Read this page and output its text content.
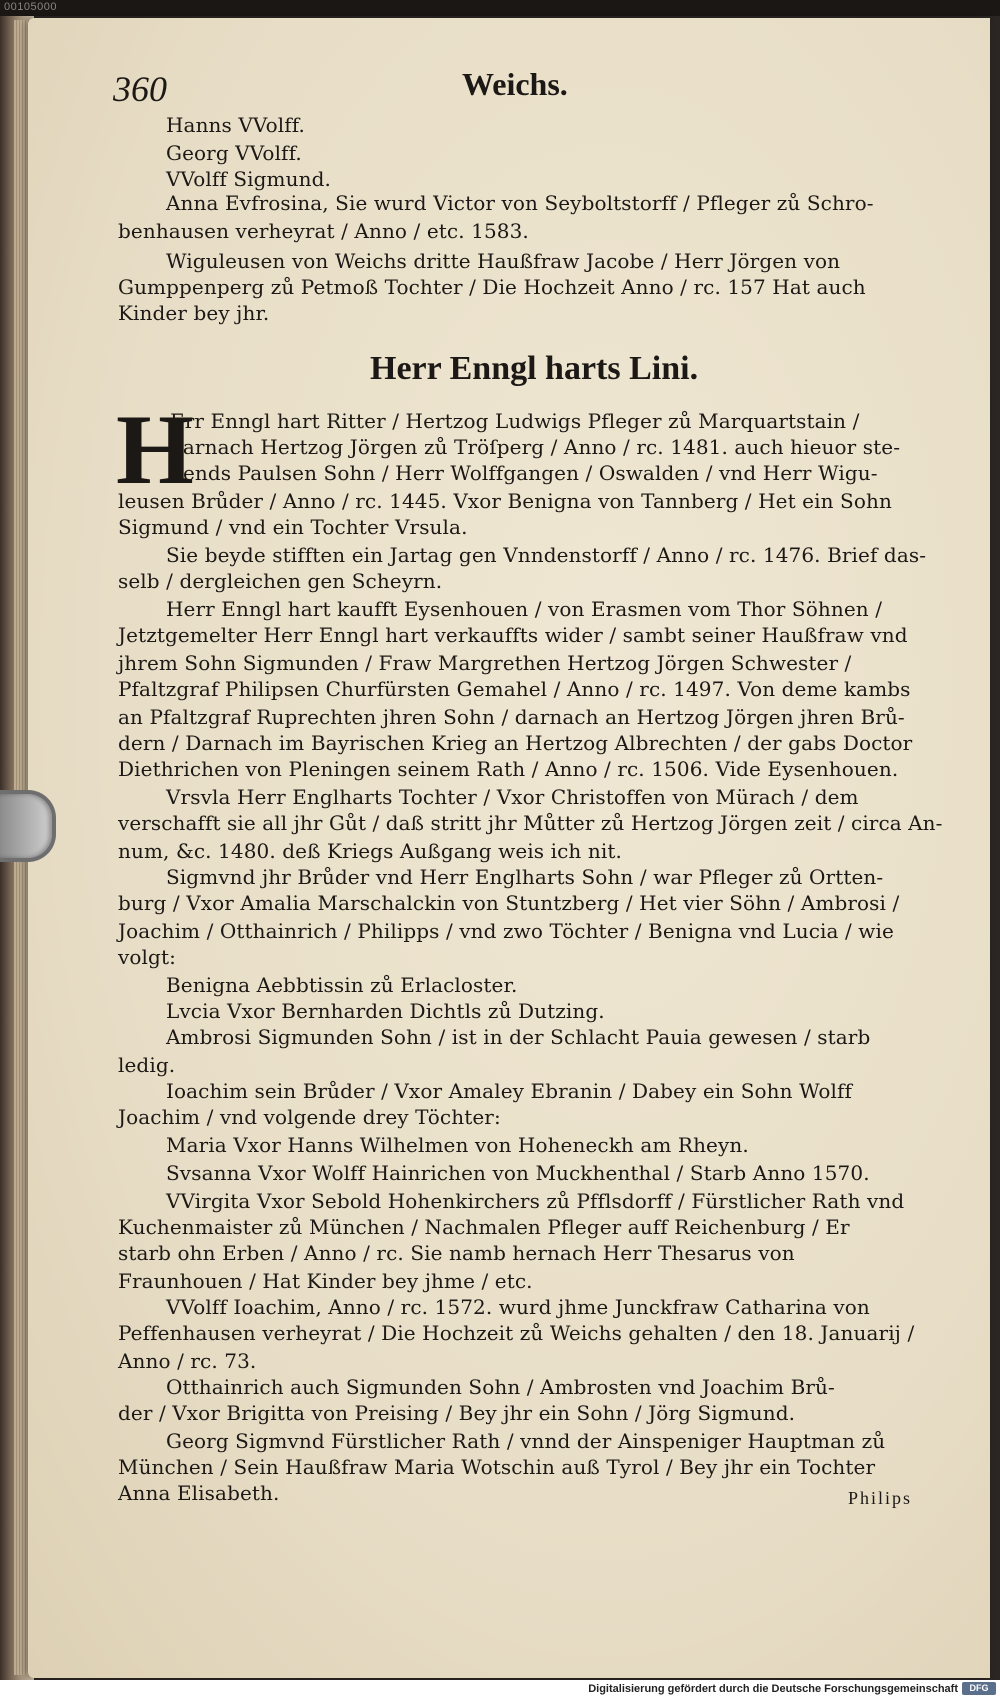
00105000
360	Weichs.
Hanns VVolff.
Georg VVolff.
VVolff Sigmund.
Anna Evfrosina, Sie wurd Victor von Seyboltstorff / Pfleger zů Schro-
benhausen verheyrat / Anno / etc. 1583.
Wiguleusen von Weichs dritte Haußfraw Jacobe / Herr Jörgen von
Gumppenperg zů Petmoß Tochter / Die Hochzeit Anno / rc. 157 Hat auch
Kinder bey jhr.
Herr Enngl harts Lini.
H
Err Enngl hart Ritter / Hertzog Ludwigs Pfleger zů Marquartstain /
darnach Hertzog Jörgen zů Tröſperg / Anno / rc. 1481. auch hieuor ste-
hends Paulsen Sohn / Herr Wolffgangen / Oswalden / vnd Herr Wigu-
leusen Brůder / Anno / rc. 1445. Vxor Benigna von Tannberg / Het ein Sohn
Sigmund / vnd ein Tochter Vrsula.
Sie beyde stifften ein Jartag gen Vnndenstorff / Anno / rc. 1476. Brief das-
selb / dergleichen gen Scheyrn.
Herr Enngl hart kaufft Eysenhouen / von Erasmen vom Thor Söhnen /
Jetztgemelter Herr Enngl hart verkauffts wider / sambt seiner Haußfraw vnd
jhrem Sohn Sigmunden / Fraw Margrethen Hertzog Jörgen Schwester /
Pfaltzgraf Philipsen Churfürsten Gemahel / Anno / rc. 1497. Von deme kambs
an Pfaltzgraf Ruprechten jhren Sohn / darnach an Hertzog Jörgen jhren Brů-
dern / Darnach im Bayrischen Krieg an Hertzog Albrechten / der gabs Doctor
Diethrichen von Pleningen seinem Rath / Anno / rc. 1506. Vide Eysenhouen.
Vrsvla Herr Englharts Tochter / Vxor Christoffen von Mürach / dem
verschafft sie all jhr Gůt / daß stritt jhr Můtter zů Hertzog Jörgen zeit / circa An-
num, &c. 1480. deß Kriegs Außgang weis ich nit.
Sigmvnd jhr Brůder vnd Herr Englharts Sohn / war Pfleger zů Ortten-
burg / Vxor Amalia Marschalckin von Stuntzberg / Het vier Söhn / Ambrosi /
Joachim / Otthainrich / Philipps / vnd zwo Töchter / Benigna vnd Lucia / wie
volgt:
Benigna Aebbtissin zů Erlacloster.
Lvcia Vxor Bernharden Dichtls zů Dutzing.
Ambrosi Sigmunden Sohn / ist in der Schlacht Pauia gewesen / starb
ledig.
Ioachim sein Brůder / Vxor Amaley Ebranin / Dabey ein Sohn Wolff
Joachim / vnd volgende drey Töchter:
Maria Vxor Hanns Wilhelmen von Hoheneckh am Rheyn.
Svsanna Vxor Wolff Hainrichen von Muckhenthal / Starb Anno 1570.
VVirgita Vxor Sebold Hohenkirchers zů Pfflsdorff / Fürstlicher Rath vnd
Kuchenmaister zů München / Nachmalen Pfleger auff Reichenburg / Er
starb ohn Erben / Anno / rc. Sie namb hernach Herr Thesarus von
Fraunhouen / Hat Kinder bey jhme / etc.
VVolff Ioachim, Anno / rc. 1572. wurd jhme Junckfraw Catharina von
Peffenhausen verheyrat / Die Hochzeit zů Weichs gehalten / den 18. Januarij /
Anno / rc. 73.
Otthainrich auch Sigmunden Sohn / Ambrosten vnd Joachim Brů-
der / Vxor Brigitta von Preising / Bey jhr ein Sohn / Jörg Sigmund.
Georg Sigmvnd Fürstlicher Rath / vnnd der Ainspeniger Hauptman zů
München / Sein Haußfraw Maria Wotschin auß Tyrol / Bey jhr ein Tochter
Anna Elisabeth.	Philips
Digitalisierung gefördert durch die Deutsche Forschungsgemeinschaft	DFG
